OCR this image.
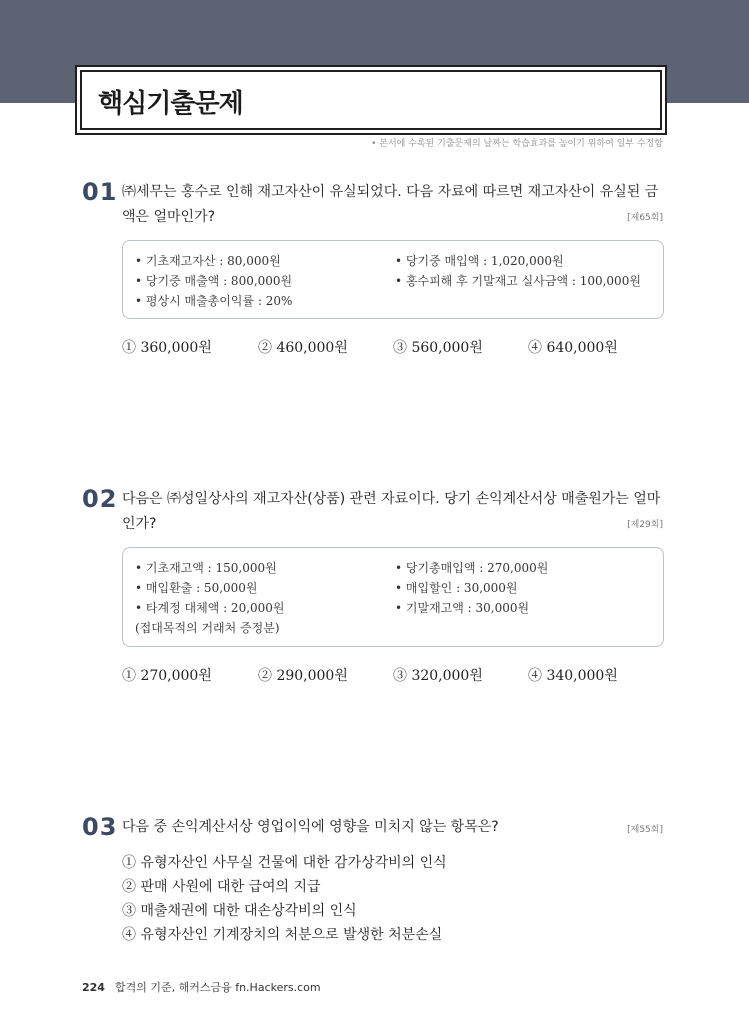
핵심기출문제
• 본서에 수록된 기출문제의 날짜는 학습효과를 높이기 위하여 일부 수정함
01 ㈜세무는 홍수로 인해 재고자산이 유실되었다. 다음 자료에 따르면 재고자산이 유실된 금
액은 얼마인가?	[제65회]
• 기초재고자산 : 80,000원
• 당기중 매출액 : 800,000원
• 평상시 매출총이익률 : 20%
• 당기중 매입액 : 1,020,000원
• 홍수피해 후 기말재고 실사금액 : 100,000원
① 360,000원	② 460,000원	③ 560,000원	④ 640,000원
02 다음은 ㈜성일상사의 재고자산(상품) 관련 자료이다. 당기 손익계산서상 매출원가는 얼마
인가?	[제29회]
• 기초재고액 : 150,000원
• 매입환출 : 50,000원
• 타계정 대체액 : 20,000원
(접대목적의 거래처 증정분)
• 당기총매입액 : 270,000원
• 매입할인 : 30,000원
• 기말재고액 : 30,000원
① 270,000원	② 290,000원	③ 320,000원	④ 340,000원
03 다음 중 손익계산서상 영업이익에 영향을 미치지 않는 항목은?	[제55회]
① 유형자산인 사무실 건물에 대한 감가상각비의 인식
② 판매 사원에 대한 급여의 지급
③ 매출채권에 대한 대손상각비의 인식
④ 유형자산인 기계장치의 처분으로 발생한 처분손실
224 합격의 기준, 해커스금융 fn.Hackers.com
